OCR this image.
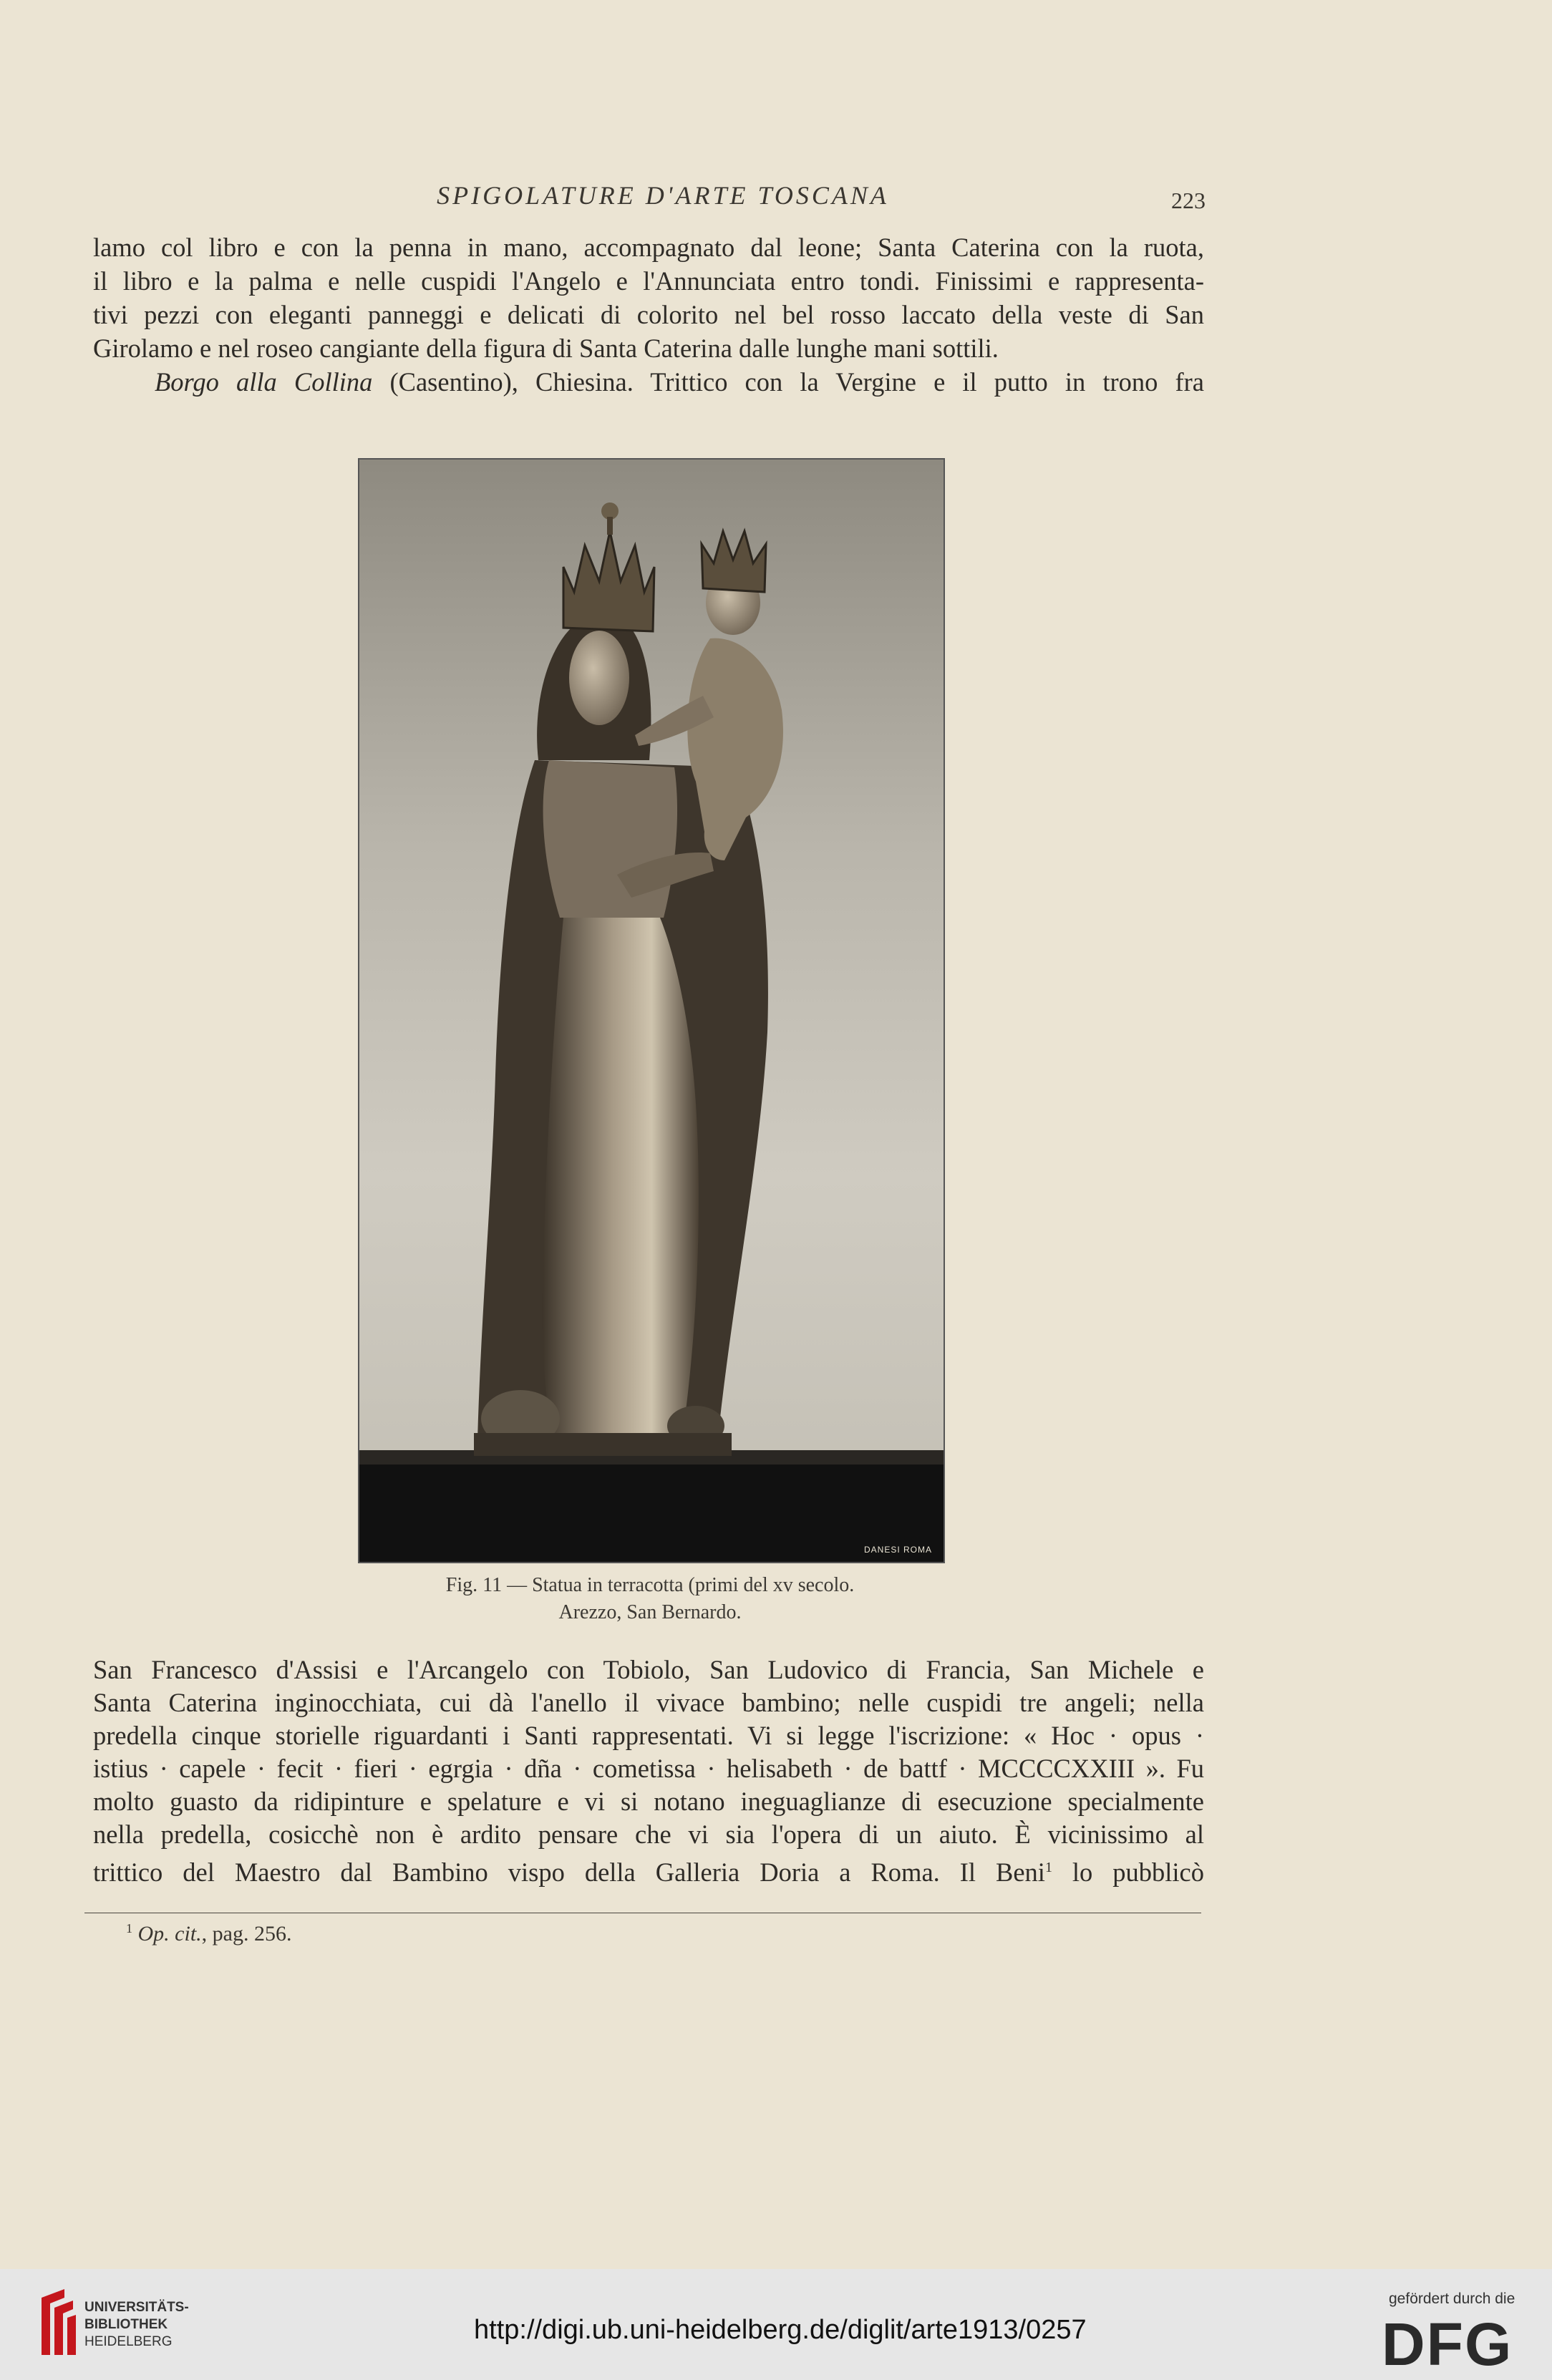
SPIGOLATURE D'ARTE TOSCANA	223
lamo col libro e con la penna in mano, accompagnato dal leone; Santa Caterina con la ruota,
il libro e la palma e nelle cuspidi l'Angelo e l'Annunciata entro tondi. Finissimi e rappresenta-
tivi pezzi con eleganti panneggi e delicati di colorito nel bel rosso laccato della veste di San
Girolamo e nel roseo cangiante della figura di Santa Caterina dalle lunghe mani sottili.
Borgo alla Collina (Casentino), Chiesina. Trittico con la Vergine e il putto in trono fra
DANESI ROMA
Fig. 11 — Statua in terracotta (primi del xv secolo.
Arezzo, San Bernardo.
San Francesco d'Assisi e l'Arcangelo con Tobiolo, San Ludovico di Francia, San Michele e
Santa Caterina inginocchiata, cui dà l'anello il vivace bambino; nelle cuspidi tre angeli; nella
predella cinque storielle riguardanti i Santi rappresentati. Vi si legge l'iscrizione: « Hoc · opus ·
istius · capele · fecit · fieri · egrgia · dña · cometissa · helisabeth · de battf · MCCCCXXIII ». Fu
molto guasto da ridipinture e spelature e vi si notano ineguaglianze di esecuzione specialmente
nella predella, cosicchè non è ardito pensare che vi sia l'opera di un aiuto. È vicinissimo al
trittico del Maestro dal Bambino vispo della Galleria Doria a Roma. Il Beni$^1$ lo pubblicò
$^1$ Op. cit., pag. 256.
UNIVERSITÄTS-
BIBLIOTHEK
HEIDELBERG	http://digi.ub.uni-heidelberg.de/diglit/arte1913/0257
gefördert durch die
DFG
